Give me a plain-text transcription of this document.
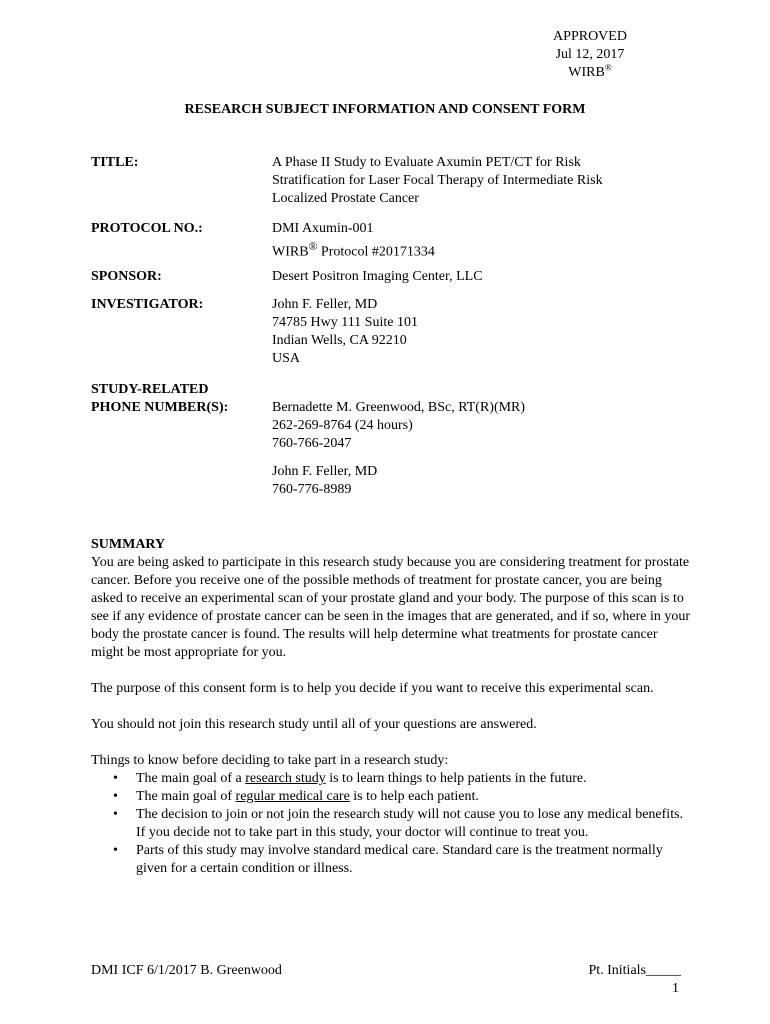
APPROVED
Jul 12, 2017
WIRB®
RESEARCH SUBJECT INFORMATION AND CONSENT FORM
TITLE:	A Phase II Study to Evaluate Axumin PET/CT for Risk
Stratification for Laser Focal Therapy of Intermediate Risk
Localized Prostate Cancer
PROTOCOL NO.:	DMI Axumin-001
WIRB® Protocol #20171334
SPONSOR:	Desert Positron Imaging Center, LLC
INVESTIGATOR:	John F. Feller, MD
74785 Hwy 111 Suite 101
Indian Wells, CA 92210
USA
STUDY-RELATED
PHONE NUMBER(S):	Bernadette M. Greenwood, BSc, RT(R)(MR)
262-269-8764 (24 hours)
760-766-2047
John F. Feller, MD
760-776-8989
SUMMARY

You are being asked to participate in this research study because you are considering treatment for prostate cancer. Before you receive one of the possible methods of treatment for prostate cancer, you are being asked to receive an experimental scan of your prostate gland and your body. The purpose of this scan is to see if any evidence of prostate cancer can be seen in the images that are generated, and if so, where in your body the prostate cancer is found. The results will help determine what treatments for prostate cancer might be most appropriate for you.

The purpose of this consent form is to help you decide if you want to receive this experimental scan.

You should not join this research study until all of your questions are answered.

Things to know before deciding to take part in a research study:
• The main goal of a research study is to learn things to help patients in the future.
• The main goal of regular medical care is to help each patient.
• The decision to join or not join the research study will not cause you to lose any medical benefits. If you decide not to take part in this study, your doctor will continue to treat you.
• Parts of this study may involve standard medical care. Standard care is the treatment normally given for a certain condition or illness.
DMI ICF 6/1/2017 B. Greenwood	Pt. Initials_____
1
